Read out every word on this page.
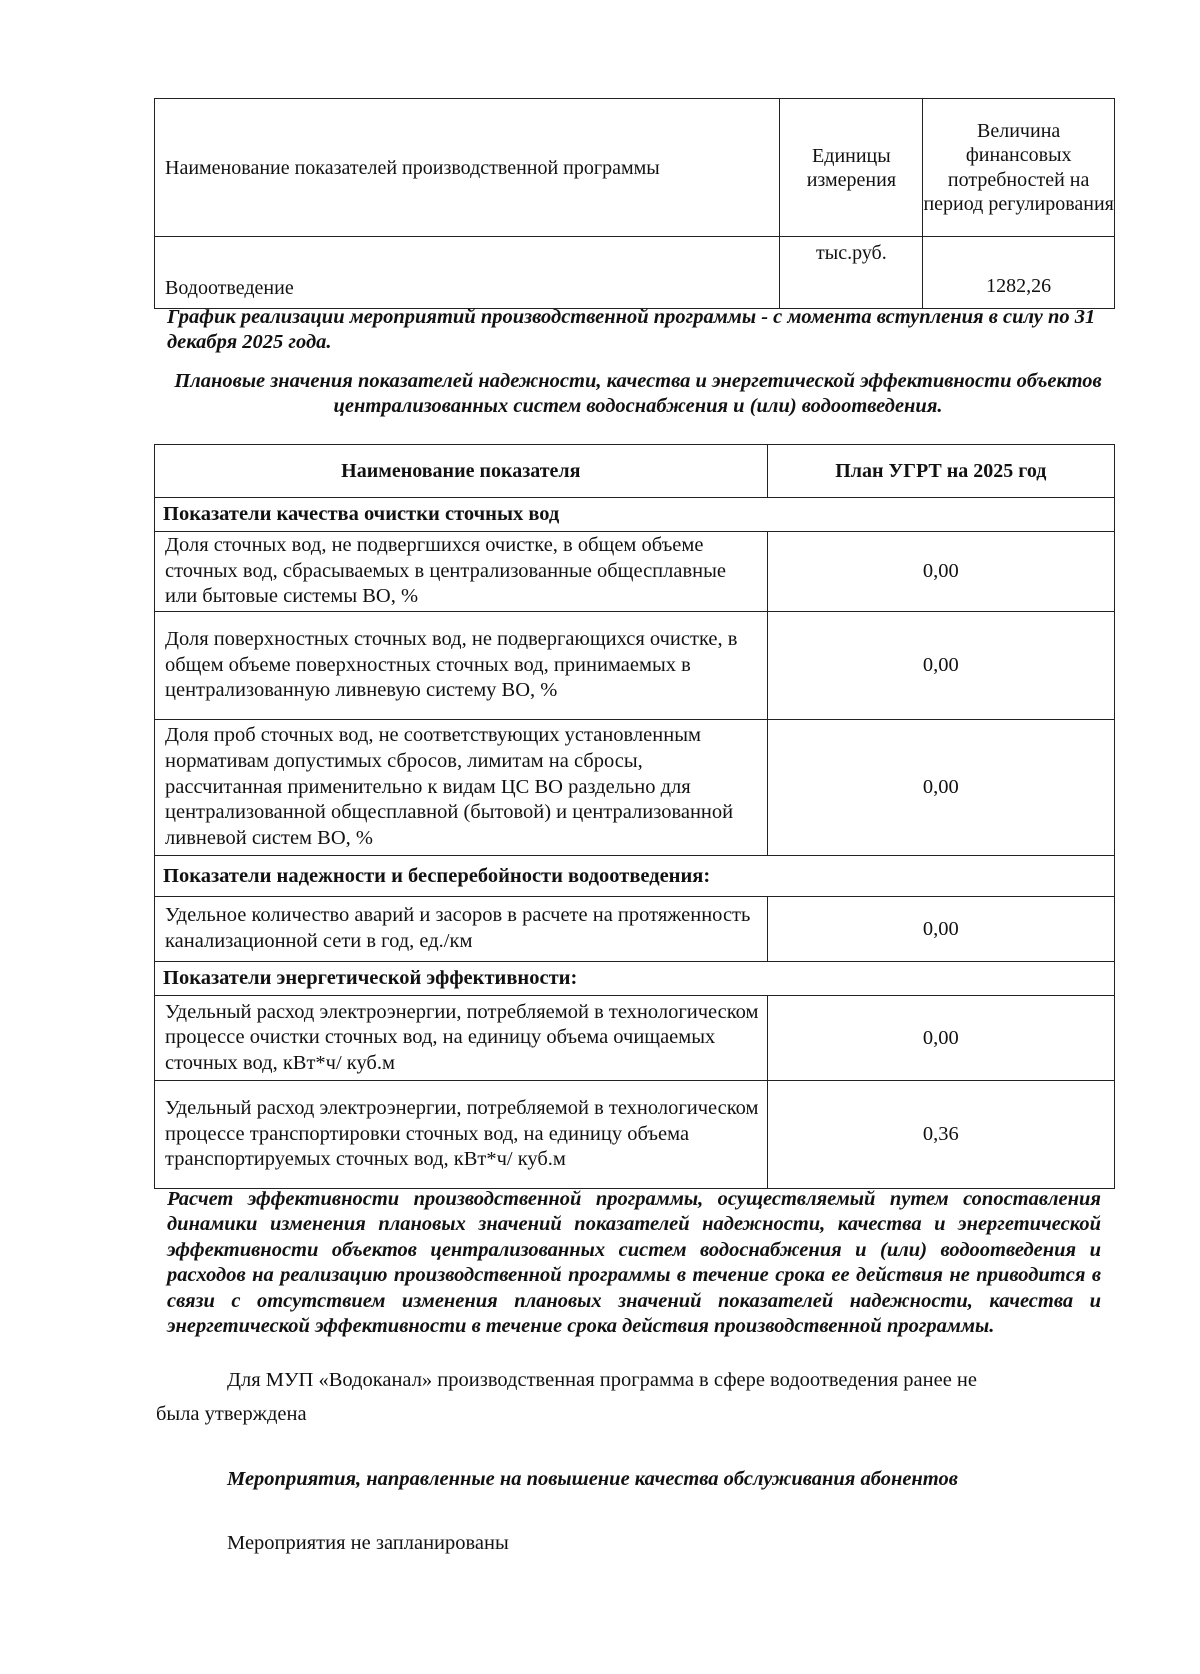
Наименование показателей производственной программы	Единицы измерения	Величина финансовых потребностей на период регулирования
Водоотведение	тыс.руб.	1282,26
График реализации мероприятий производственной программы - с момента вступления в силу по 31 декабря 2025 года.
Плановые значения показателей надежности, качества и энергетической эффективности объектов централизованных систем водоснабжения и (или) водоотведения.
Наименование показателя	План УГРТ на 2025 год
Показатели качества очистки сточных вод	
Доля сточных вод, не подвергшихся очистке, в общем объеме сточных вод, сбрасываемых в централизованные общесплавные или бытовые системы ВО, %	0,00
Доля поверхностных сточных вод, не подвергающихся очистке, в общем объеме поверхностных сточных вод, принимаемых в централизованную ливневую систему ВО, %	0,00
Доля проб сточных вод, не соответствующих установленным нормативам допустимых сбросов, лимитам на сбросы, рассчитанная применительно к видам ЦС ВО раздельно для централизованной общесплавной (бытовой) и централизованной ливневой систем ВО, %	0,00
Показатели надежности и бесперебойности водоотведения:	
Удельное количество аварий и засоров в расчете на протяженность канализационной сети в год, ед./км	0,00
Показатели энергетической эффективности:	
Удельный расход электроэнергии, потребляемой в технологическом процессе очистки сточных вод, на единицу объема очищаемых сточных вод, кВт*ч/ куб.м	0,00
Удельный расход электроэнергии, потребляемой в технологическом процессе транспортировки сточных вод, на единицу объема транспортируемых сточных вод, кВт*ч/ куб.м	0,36
Расчет эффективности производственной программы, осуществляемый путем сопоставления динамики изменения плановых значений показателей надежности, качества и энергетической эффективности объектов централизованных систем водоснабжения и (или) водоотведения и расходов на реализацию производственной программы в течение срока ее действия не приводится в связи с отсутствием изменения плановых значений показателей надежности, качества и энергетической эффективности в течение срока действия производственной программы.
Для МУП «Водоканал» производственная программа в сфере водоотведения ранее не
была утверждена
Мероприятия, направленные на повышение качества обслуживания абонентов
Мероприятия не запланированы
